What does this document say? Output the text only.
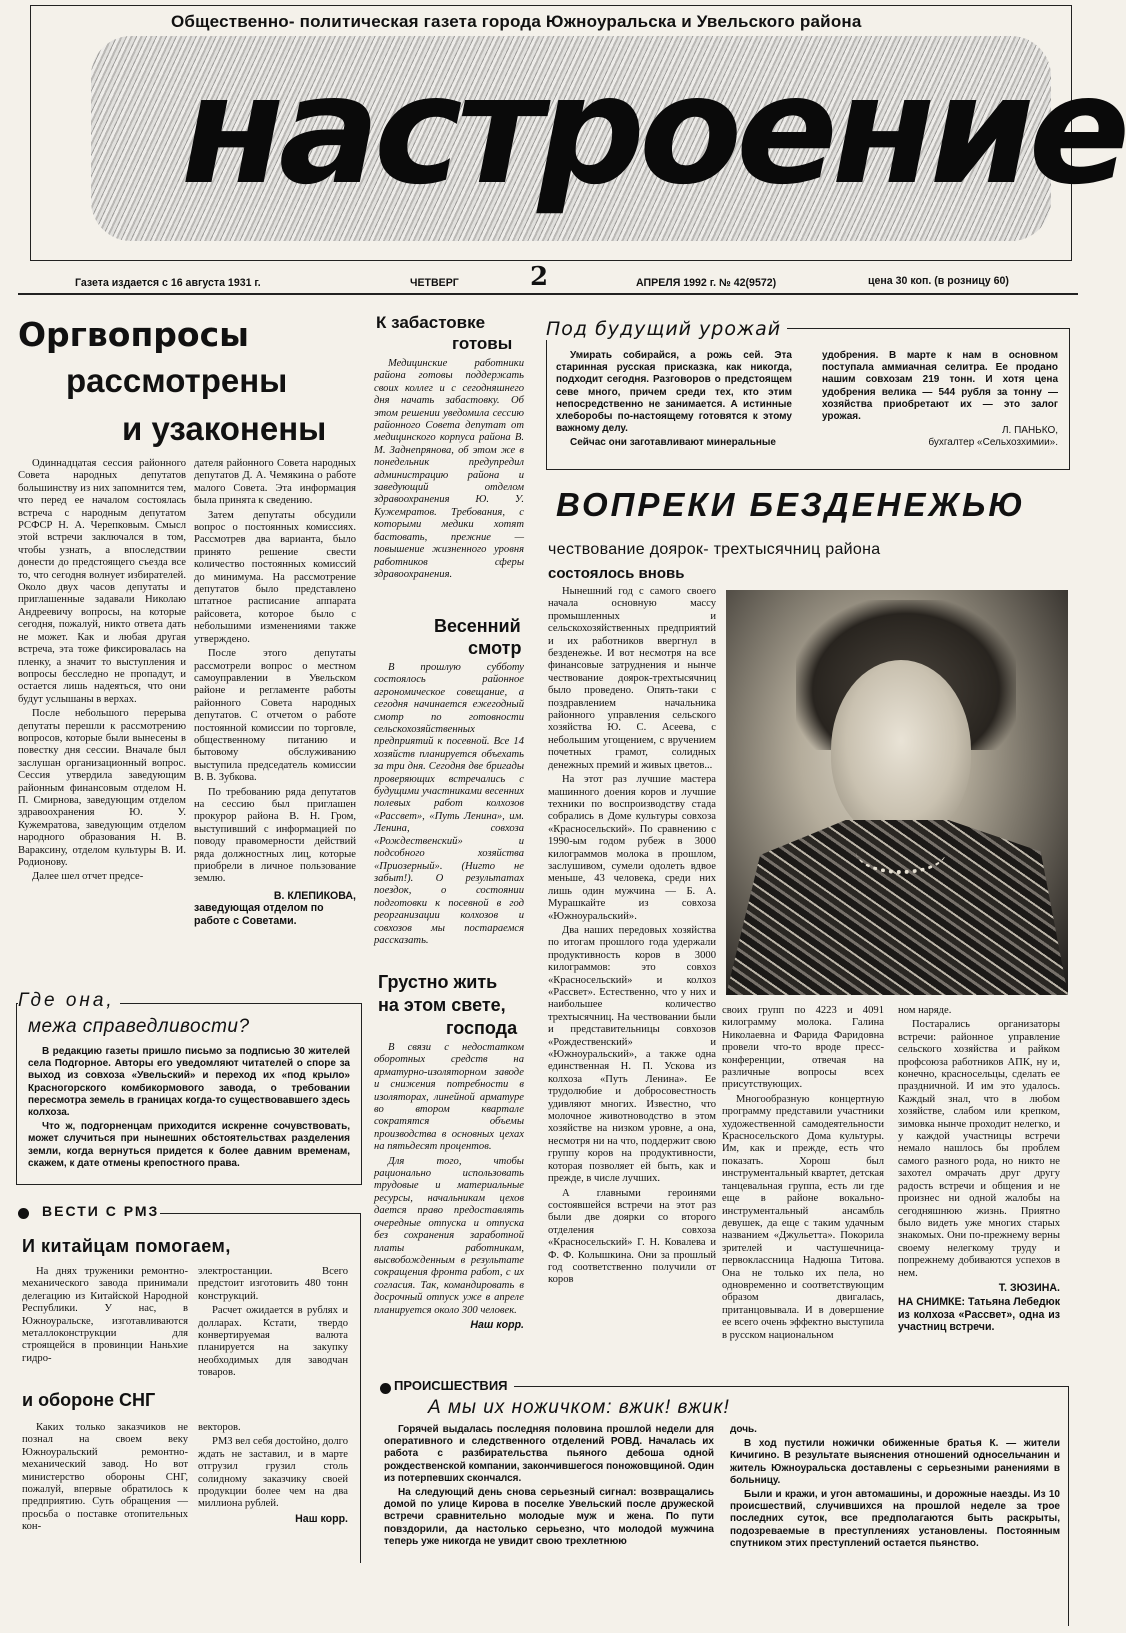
Общественно- политическая газета города Южноуральска и Увельского района
настроение
Газета издается с 16 августа 1931 г.	ЧЕТВЕРГ	2	АПРЕЛЯ 1992 г. № 42(9572)	цена 30 коп. (в розницу 60)
Оргвопросы
рассмотрены
и узаконены

Одиннадцатая сессия районного Совета народных депутатов большинству из них запомнится тем, что перед ее началом состоялась встреча с народным депутатом РСФСР Н. А. Черепковым. Смысл этой встречи заключался в том, чтобы узнать, а впоследствии донести до предстоящего съезда все то, что сегодня волнует избирателей. Около двух часов депутаты и приглашенные задавали Николаю Андреевичу вопросы, на которые сегодня, пожалуй, никто ответа дать не может. Как и любая другая встреча, эта тоже фиксировалась на пленку, а значит то выступления и вопросы бесследно не пропадут, и остается лишь надеяться, что они будут услышаны в верхах.

После небольшого перерыва депутаты перешли к рассмотрению вопросов, которые были вынесены в повестку дня сессии. Вначале был заслушан организационный вопрос. Сессия утвердила заведующим районным финансовым отделом Н. П. Смирнова, заведующим отделом здравоохранения Ю. У. Кужемратова, заведующим отделом народного образования Н. В. Вараксину, отделом культуры В. И. Родионову.

Далее шел отчет предсе-

дателя районного Совета народных депутатов Д. А. Чемякина о работе малого Совета. Эта информация была принята к сведению.

Затем депутаты обсудили вопрос о постоянных комиссиях. Рассмотрев два варианта, было принято решение свести количество постоянных комиссий до минимума. На рассмотрение депутатов было представлено штатное расписание аппарата райсовета, которое было с небольшими изменениями также утверждено.

После этого депутаты рассмотрели вопрос о местном самоуправлении в Увельском районе и регламенте работы районного Совета народных депутатов. С отчетом о работе постоянной комиссии по торговле, общественному питанию и бытовому обслуживанию выступила председатель комиссии В. В. Зубкова.

По требованию ряда депутатов на сессию был приглашен прокурор района В. Н. Гром, выступивший с информацией по поводу правомерности действий ряда должностных лиц, которые приобрели в личное пользование землю.

В. КЛЕПИКОВА,
заведующая отделом по работе с Советами.
К забастовке
готовы

Медицинские работники района готовы поддержать своих коллег и с сегодняшнего дня начать забастовку. Об этом решении уведомила сессию районного Совета депутат от медицинского корпуса района В. М. Заднепрянова, об этом же в понедельник предупредил администрацию района и заведующий отделом здравоохранения Ю. У. Кужемратов. Требования, с которыми медики хотят бастовать, прежние — повышение жизненного уровня работников сферы здравоохранения.

Весенний
смотр

В прошлую субботу состоялось районное агрономическое совещание, а сегодня начинается ежегодный смотр по готовности сельскохозяйственных предприятий к посевной. Все 14 хозяйств планируется объехать за три дня. Сегодня две бригады проверяющих встречались с будущими участниками весенних полевых работ колхозов «Рассвет», «Путь Ленина», им. Ленина, совхоза «Рождественский» и подсобного хозяйства «Приозерный». (Нигто не забыт!). О результатах поездок, о состоянии подготовки к посевной в год реорганизации колхозов и совхозов мы постараемся рассказать.

Грустно жить
на этом свете,
господа

В связи с недостатком оборотных средств на арматурно-изоляторном заводе и снижения потребности в изоляторах, линейной арматуре во втором квартале сократятся объемы производства в основных цехах на пятьдесят процентов.

Для того, чтобы рационально использовать трудовые и материальные ресурсы, начальникам цехов дается право предоставлять очередные отпуска и отпуска без сохранения заработной платы работникам, высвобожденным в результате сокращения фронта работ, с их согласия. Так, командировать в досрочный отпуск уже в апреле планируется около 300 человек.

Наш корр.
Под будущий урожай

Умирать собирайся, а рожь сей. Эта старинная русская присказка, как никогда, подходит сегодня. Разговоров о предстоящем севе много, причем среди тех, кто этим непосредственно не занимается. А истинные хлеборобы по-настоящему готовятся к этому важному делу.

Сейчас они заготавливают минеральные

удобрения. В марте к нам в основном поступала аммиачная селитра. Ее продано нашим совхозам 219 тонн. И хотя цена удобрения велика — 544 рубля за тонну — хозяйства приобретают их — это залог урожая.

Л. ПАНЬКО,
бухгалтер «Сельхозхимии».
ВОПРЕКИ БЕЗДЕНЕЖЬЮ
чествование доярок- трехтысячниц района
состоялось вновь

Нынешний год с самого своего начала основную массу промышленных и сельскохозяйственных предприятий и их работников ввергнул в безденежье. И вот несмотря на все финансовые затруднения и нынче чествование доярок-трехтысячниц было проведено. Опять-таки с поздравлением начальника районного управления сельского хозяйства Ю. С. Асеева, с небольшим угощением, с вручением почетных грамот, солидных денежных премий и живых цветов...

На этот раз лучшие мастера машинного доения коров и лучшие техники по воспроизводству стада собрались в Доме культуры совхоза «Красносельский». По сравнению с 1990-ым годом рубеж в 3000 килограммов молока в прошлом, заслушивом, сумели одолеть вдвое меньше, 43 человека, среди них лишь один мужчина — Б. А. Мурашкайте из совхоза «Южноуральский».

Два наших передовых хозяйства по итогам прошлого года удержали продуктивность коров в 3000 килограммов: это совхоз «Красносельский» и колхоз «Рассвет». Естественно, что у них и наибольшее количество трехтысячниц. На чествовании были и представительницы совхозов «Рождественский» и «Южноуральский», а также одна единственная Н. П. Ускова из колхоза «Путь Ленина». Ее трудолюбие и добросовестность удивляют многих. Известно, что молочное животноводство в этом хозяйстве на низком уровне, а она, несмотря ни на что, поддержит свою группу коров на продуктивности, которая позволяет ей быть, как и прежде, в числе лучших.

А главными героинями состоявшейся встречи на этот раз были две доярки со второго отделения совхоза «Красносельский» Г. Н. Ковалева и Ф. Ф. Колышкина. Они за прошлый год соответственно получили от коров

своих групп по 4223 и 4091 килограмму молока. Галина Николаевна и Фарида Фаридовна провели что-то вроде пресс-конференции, отвечая на различные вопросы всех присутствующих.

Многообразную концертную программу представили участники художественной самодеятельности Красносельского Дома культуры. Им, как и прежде, есть что показать. Хорош был инструментальный квартет, детская танцевальная группа, есть ли где еще в районе вокально-инструментальный ансамбль девушек, да еще с таким удачным названием «Джульетта». Покорила зрителей и частушечница-первоклассница Надюша Титова. Она не только их пела, но одновременно и соответствующим образом двигалась, пританцовывала. И в довершение ее всего очень эффектно выступила в русском национальном

ном наряде.

Постарались организаторы встречи: районное управление сельского хозяйства и райком профсоюза работников АПК, ну и, конечно, красносельцы, сделать ее праздничной. И им это удалось. Каждый знал, что в любом хозяйстве, слабом или крепком, зимовка нынче проходит нелегко, и у каждой участницы встречи немало нашлось бы проблем самого разного рода, но никто не захотел омрачать друг другу радость встречи и общения и не произнес ни одной жалобы на сегодняшнюю жизнь. Приятно было видеть уже многих старых знакомых. Они по-прежнему верны своему нелегкому труду и попрежнему добиваются успехов в нем.

Т. ЗЮЗИНА.
НА СНИМКЕ: Татьяна Лебедюк из колхоза «Рассвет», одна из участниц встречи.
Где она,
межа справедливости?

В редакцию газеты пришло письмо за подписью 30 жителей села Подгорное. Авторы его уведомляют читателей о споре за выход из совхоза «Увельский» и переход их «под крыло» Красногорского комбикормового завода, о требовании пересмотра земель в границах когда-то существовавшего здесь колхоза.

Что ж, подгорненцам приходится искренне сочувствовать, может случиться при нынешних обстоятельствах разделения земли, когда вернуться придется к более давним временам, скажем, к дате отмены крепостного права.

ВЕСТИ С РМЗ
И китайцам помогаем,

На днях труженики ремонтно-механического завода принимали делегацию из Китайской Народной Республики. У нас, в Южноуральске, изготавливаются металлоконструкции для строящейся в провинции Наньхие гидро-

электростанции. Всего предстоит изготовить 480 тонн конструкций.

Расчет ожидается в рублях и долларах. Кстати, твердо конвертируемая валюта планируется на закупку необходимых для заводчан товаров.

и обороне СНГ

Каких только заказчиков не познал на своем веку Южноуральский ремонтно-механический завод. Но вот министерство обороны СНГ, пожалуй, впервые обратилось к предприятию. Суть обращения — просьба о поставке отопительных кон-

векторов.

РМЗ вел себя достойно, долго ждать не заставил, и в марте отгрузил грузил столь солидному заказчику своей продукции более чем на два миллиона рублей.

Наш корр.
ПРОИСШЕСТВИЯ
А мы их ножичком: вжик! вжик!

Горячей выдалась последняя половина прошлой недели для оперативного и следственного отделений РОВД. Началась их работа с разбирательства пьяного дебоша одной рождественской компании, закончившегося поножовщиной. Один из потерпевших скончался.

На следующий день снова серьезный сигнал: возвращались домой по улице Кирова в поселке Увельский после дружеской встречи сравнительно молодые муж и жена. По пути повздорили, да настолько серьезно, что молодой мужчина теперь уже никогда не увидит свою трехлетнюю

дочь.

В ход пустили ножички обиженные братья К. — жители Кичигино. В результате выяснения отношений односельчанин и житель Южноуральска доставлены с серьезными ранениями в больницу.

Были и кражи, и угон автомашины, и дорожные наезды. Из 10 происшествий, случившихся на прошлой неделе за трое последних суток, все предполагаются быть раскрыты, подозреваемые в преступлениях установлены. Постоянным спутником этих преступлений остается пьянство.
